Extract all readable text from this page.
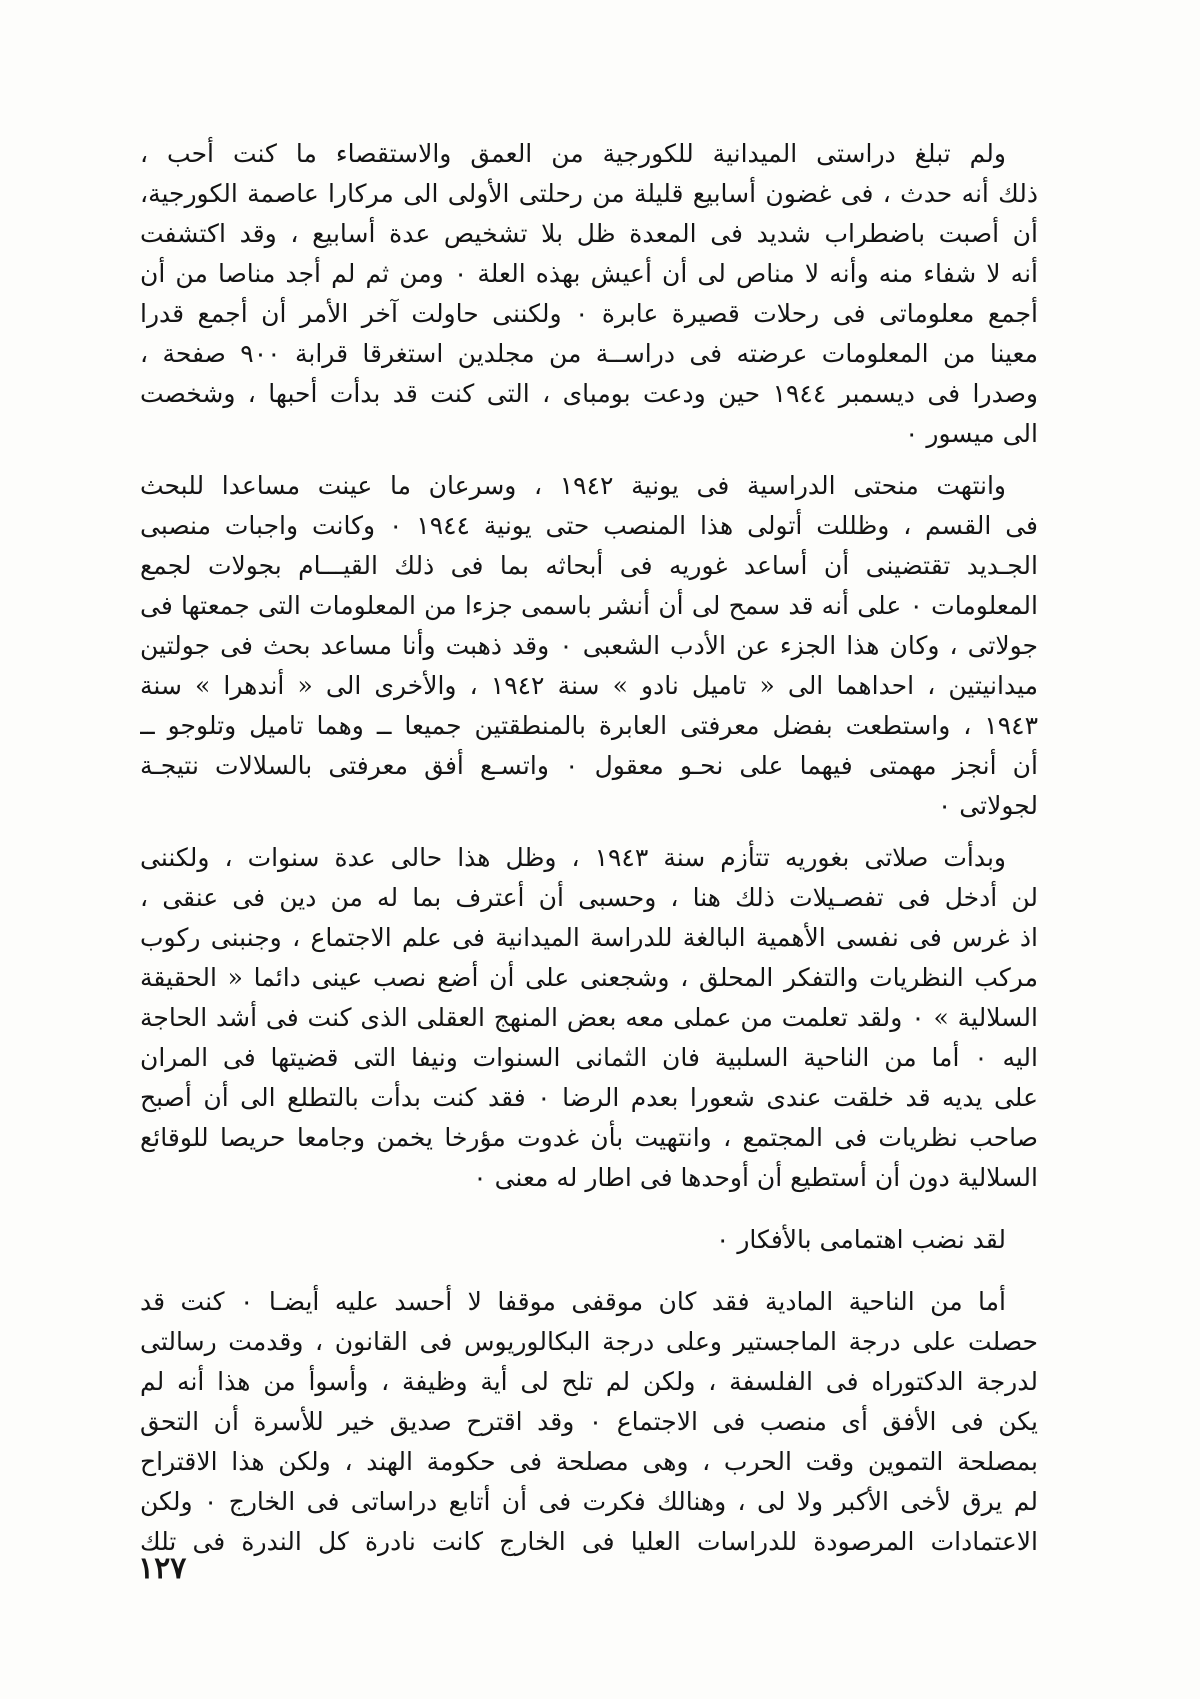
ولم تبلغ دراستى الميدانية للكورجية من العمق والاستقصاء ما كنت أحب ،
ذلك أنه حدث ، فى غضون أسابيع قليلة من رحلتى الأولى الى مركارا عاصمة الكورجية،
أن أصبت باضطراب شديد فى المعدة ظل بلا تشخيص عدة أسابيع ، وقد اكتشفت
أنه لا شفاء منه وأنه لا مناص لى أن أعيش بهذه العلة ٠ ومن ثم لم أجد مناصا من أن
أجمع معلوماتى فى رحلات قصيرة عابرة ٠ ولكننى حاولت آخر الأمر أن أجمع قدرا
معينا من المعلومات عرضته فى دراســة من مجلدين استغرقا قرابة ٩٠٠ صفحة ،
وصدرا فى ديسمبر ١٩٤٤ حين ودعت بومباى ، التى كنت قد بدأت أحبها ، وشخصت
الى ميسور ٠
وانتهت منحتى الدراسية فى يونية ١٩٤٢ ، وسرعان ما عينت مساعدا للبحث
فى القسم ، وظللت أتولى هذا المنصب حتى يونية ١٩٤٤ ٠ وكانت واجبات منصبى
الجـديد تقتضينى أن أساعد غوريه فى أبحاثه بما فى ذلك القيـــام بجولات لجمع
المعلومات ٠ على أنه قد سمح لى أن أنشر باسمى جزءا من المعلومات التى جمعتها فى
جولاتى ، وكان هذا الجزء عن الأدب الشعبى ٠ وقد ذهبت وأنا مساعد بحث فى جولتين
ميدانيتين ، احداهما الى « تاميل نادو » سنة ١٩٤٢ ، والأخرى الى « أندهرا » سنة
١٩٤٣ ، واستطعت بفضل معرفتى العابرة بالمنطقتين جميعا ــ وهما تاميل وتلوجو ــ
أن أنجز مهمتى فيهما على نحـو معقول ٠ واتسـع أفق معرفتى بالسلالات نتيجـة
لجولاتى ٠
وبدأت صلاتى بغوريه تتأزم سنة ١٩٤٣ ، وظل هذا حالى عدة سنوات ، ولكننى
لن أدخل فى تفصـيلات ذلك هنا ، وحسبى أن أعترف بما له من دين فى عنقى ،
اذ غرس فى نفسى الأهمية البالغة للدراسة الميدانية فى علم الاجتماع ، وجنبنى ركوب
مركب النظريات والتفكر المحلق ، وشجعنى على أن أضع نصب عينى دائما « الحقيقة
السلالية » ٠ ولقد تعلمت من عملى معه بعض المنهج العقلى الذى كنت فى أشد الحاجة
اليه ٠ أما من الناحية السلبية فان الثمانى السنوات ونيفا التى قضيتها فى المران
على يديه قد خلقت عندى شعورا بعدم الرضا ٠ فقد كنت بدأت بالتطلع الى أن أصبح
صاحب نظريات فى المجتمع ، وانتهيت بأن غدوت مؤرخا يخمن وجامعا حريصا للوقائع
السلالية دون أن أستطيع أن أوحدها فى اطار له معنى ٠
لقد نضب اهتمامى بالأفكار ٠
أما من الناحية المادية فقد كان موقفى موقفا لا أحسد عليه أيضـا ٠ كنت قد
حصلت على درجة الماجستير وعلى درجة البكالوريوس فى القانون ، وقدمت رسالتى
لدرجة الدكتوراه فى الفلسفة ، ولكن لم تلح لى أية وظيفة ، وأسوأ من هذا أنه لم
يكن فى الأفق أى منصب فى الاجتماع ٠ وقد اقترح صديق خير للأسرة أن التحق
بمصلحة التموين وقت الحرب ، وهى مصلحة فى حكومة الهند ، ولكن هذا الاقتراح
لم يرق لأخى الأكبر ولا لى ، وهنالك فكرت فى أن أتابع دراساتى فى الخارج ٠ ولكن
الاعتمادات المرصودة للدراسات العليا فى الخارج كانت نادرة كل الندرة فى تلك
١٢٧
